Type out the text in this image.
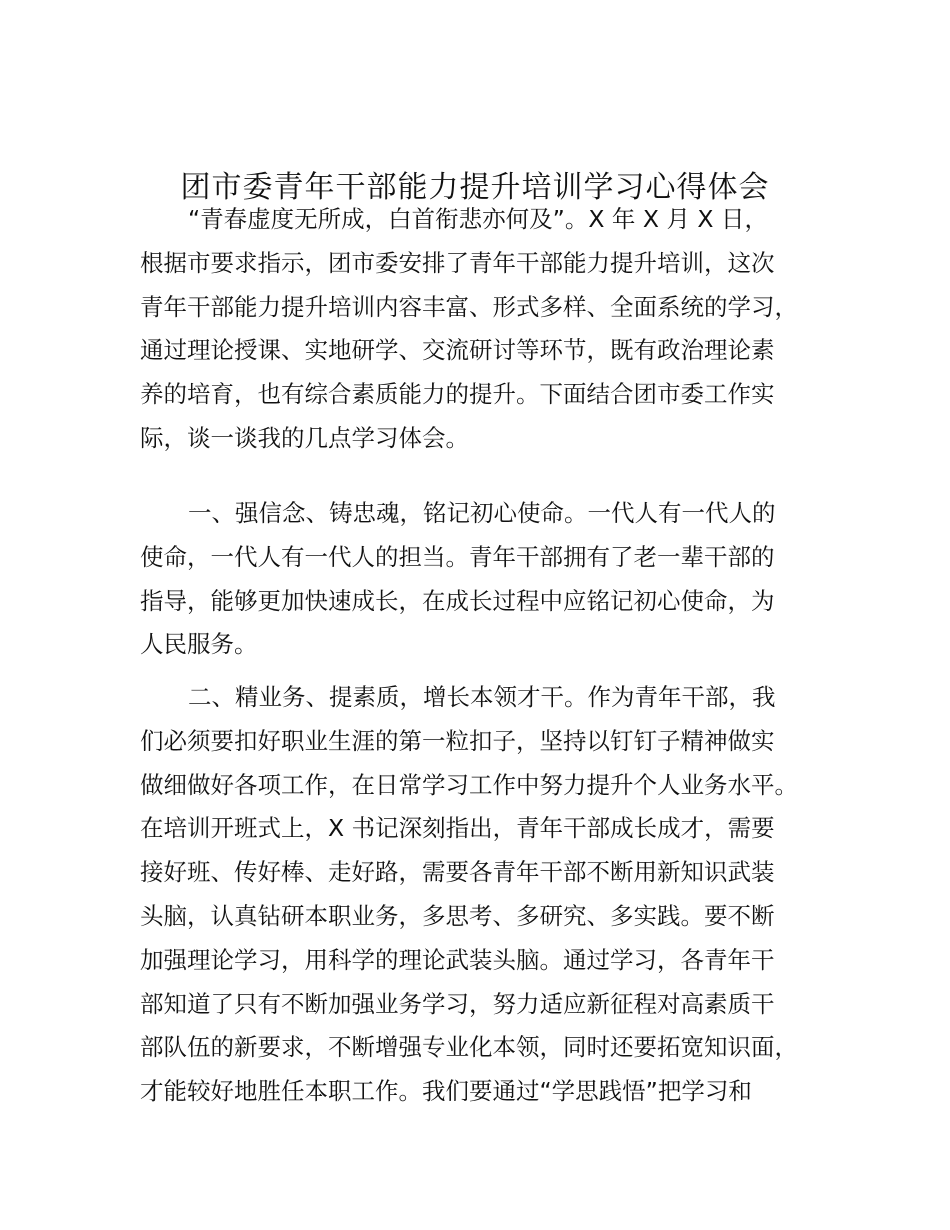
团市委青年干部能力提升培训学习心得体会
“青春虚度无所成，白首衔悲亦何及”。X 年 X 月 X 日，
根据市要求指示，团市委安排了青年干部能力提升培训，这次
青年干部能力提升培训内容丰富、形式多样、全面系统的学习，
通过理论授课、实地研学、交流研讨等环节，既有政治理论素
养的培育，也有综合素质能力的提升。下面结合团市委工作实
际，谈一谈我的几点学习体会。
一、强信念、铸忠魂，铭记初心使命。一代人有一代人的
使命，一代人有一代人的担当。青年干部拥有了老一辈干部的
指导，能够更加快速成长，在成长过程中应铭记初心使命，为
人民服务。
二、精业务、提素质，增长本领才干。作为青年干部，我
们必须要扣好职业生涯的第一粒扣子，坚持以钉钉子精神做实
做细做好各项工作，在日常学习工作中努力提升个人业务水平。
在培训开班式上，X 书记深刻指出，青年干部成长成才，需要
接好班、传好棒、走好路，需要各青年干部不断用新知识武装
头脑，认真钻研本职业务，多思考、多研究、多实践。要不断
加强理论学习，用科学的理论武装头脑。通过学习，各青年干
部知道了只有不断加强业务学习，努力适应新征程对高素质干
部队伍的新要求，不断增强专业化本领，同时还要拓宽知识面，
才能较好地胜任本职工作。我们要通过“学思践悟”把学习和
